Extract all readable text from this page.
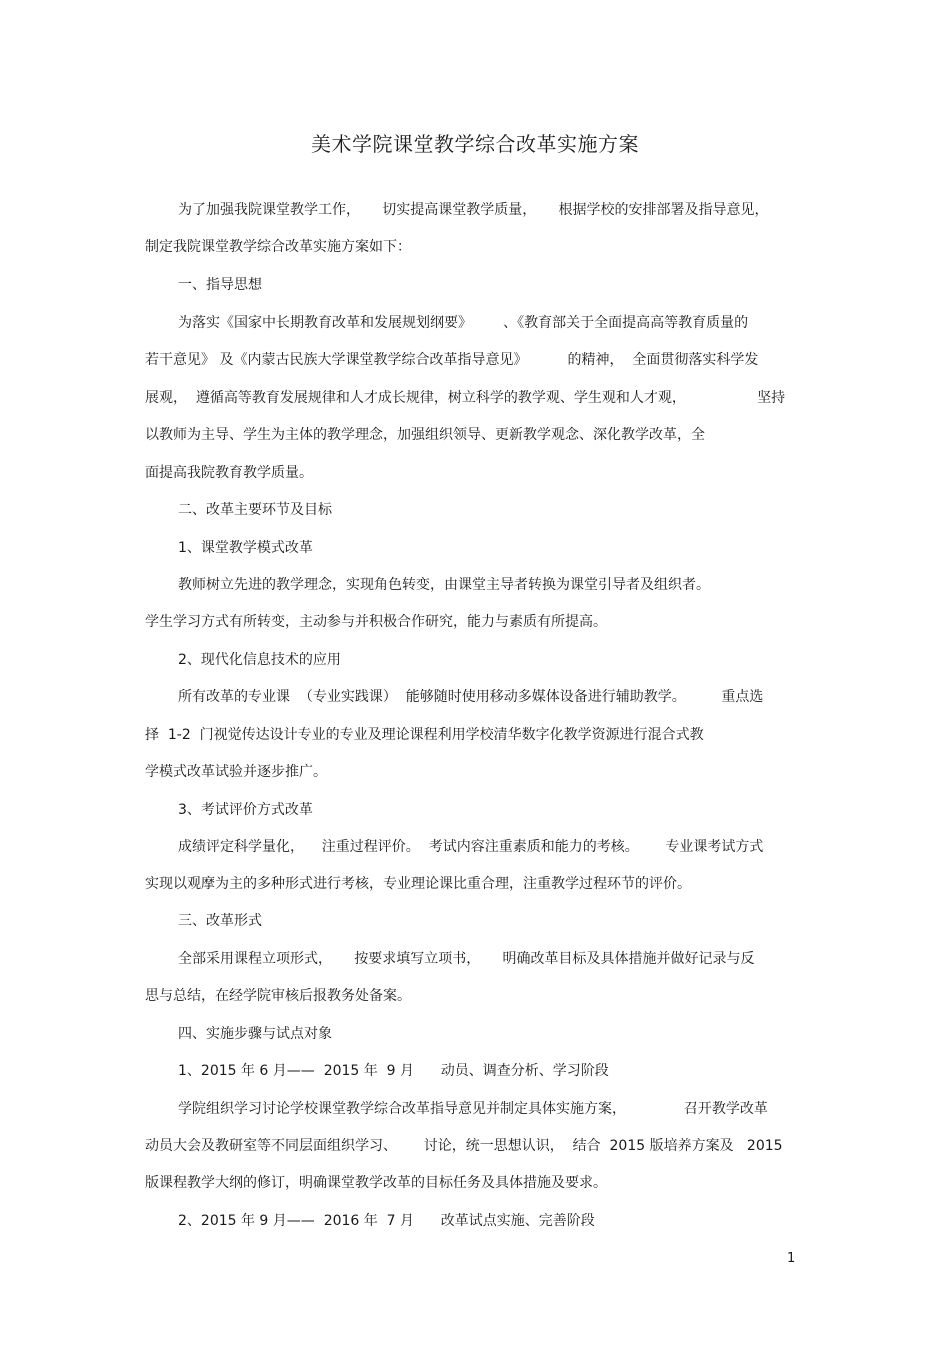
美术学院课堂教学综合改革实施方案
为了加强我院课堂教学工作，     切实提高课堂教学质量，     根据学校的安排部署及指导意见，
制定我院课堂教学综合改革实施方案如下：
一、指导思想
为落实《国家中长期教育改革和发展规划纲要》       、《教育部关于全面提高高等教育质量的
若干意见》 及《内蒙古民族大学课堂教学综合改革指导意见》         的精神，  全面贯彻落实科学发
展观，  遵循高等教育发展规律和人才成长规律，树立科学的教学观、学生观和人才观，                坚持
以教师为主导、学生为主体的教学理念，加强组织领导、更新教学观念、深化教学改革，全
面提高我院教育教学质量。
二、改革主要环节及目标
1、课堂教学模式改革
教师树立先进的教学理念，实现角色转变，由课堂主导者转换为课堂引导者及组织者。
学生学习方式有所转变，主动参与并积极合作研究，能力与素质有所提高。
2、现代化信息技术的应用
所有改革的专业课  （专业实践课）  能够随时使用移动多媒体设备进行辅助教学。        重点选
择  1-2  门视觉传达设计专业的专业及理论课程利用学校清华数字化教学资源进行混合式教
学模式改革试验并逐步推广。
3、考试评价方式改革
成绩评定科学量化，    注重过程评价。  考试内容注重素质和能力的考核。      专业课考试方式
实现以观摩为主的多种形式进行考核，专业理论课比重合理，注重教学过程环节的评价。
三、改革形式
全部采用课程立项形式，     按要求填写立项书，     明确改革目标及具体措施并做好记录与反
思与总结，在经学院审核后报教务处备案。
四、实施步骤与试点对象
1、2015 年 6 月——  2015 年  9 月      动员、调查分析、学习阶段
学院组织学习讨论学校课堂教学综合改革指导意见并制定具体实施方案，             召开教学改革
动员大会及教研室等不同层面组织学习、      讨论，统一思想认识，  结合  2015 版培养方案及   2015
版课程教学大纲的修订，明确课堂教学改革的目标任务及具体措施及要求。
2、2015 年 9 月——  2016 年  7 月      改革试点实施、完善阶段
1
